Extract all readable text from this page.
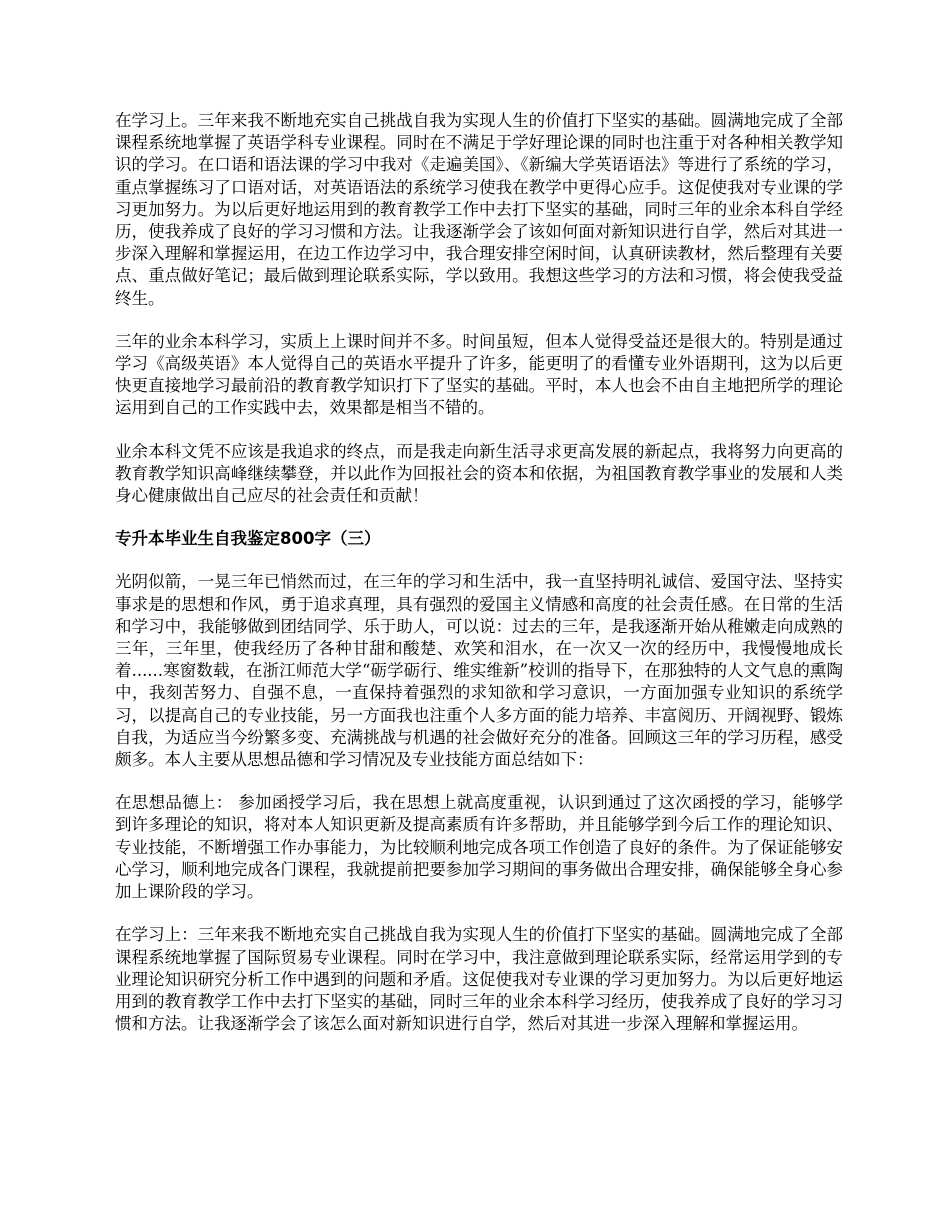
在学习上。三年来我不断地充实自己挑战自我为实现人生的价值打下坚实的基础。圆满地完成了全部课程系统地掌握了英语学科专业课程。同时在不满足于学好理论课的同时也注重于对各种相关教学知识的学习。在口语和语法课的学习中我对《走遍美国》、《新编大学英语语法》等进行了系统的学习，重点掌握练习了口语对话，对英语语法的系统学习使我在教学中更得心应手。这促使我对专业课的学习更加努力。为以后更好地运用到的教育教学工作中去打下坚实的基础，同时三年的业余本科自学经历，使我养成了良好的学习习惯和方法。让我逐渐学会了该如何面对新知识进行自学，然后对其进一步深入理解和掌握运用，在边工作边学习中，我合理安排空闲时间，认真研读教材，然后整理有关要点、重点做好笔记；最后做到理论联系实际，学以致用。我想这些学习的方法和习惯，将会使我受益终生。

三年的业余本科学习，实质上上课时间并不多。时间虽短，但本人觉得受益还是很大的。特别是通过学习《高级英语》本人觉得自己的英语水平提升了许多，能更明了的看懂专业外语期刊，这为以后更快更直接地学习最前沿的教育教学知识打下了坚实的基础。平时，本人也会不由自主地把所学的理论运用到自己的工作实践中去，效果都是相当不错的。

业余本科文凭不应该是我追求的终点，而是我走向新生活寻求更高发展的新起点，我将努力向更高的教育教学知识高峰继续攀登，并以此作为回报社会的资本和依据，为祖国教育教学事业的发展和人类身心健康做出自己应尽的社会责任和贡献！

专升本毕业生自我鉴定800字（三）

光阴似箭，一晃三年已悄然而过，在三年的学习和生活中，我一直坚持明礼诚信、爱国守法、坚持实事求是的思想和作风，勇于追求真理，具有强烈的爱国主义情感和高度的社会责任感。在日常的生活和学习中，我能够做到团结同学、乐于助人，可以说：过去的三年，是我逐渐开始从稚嫩走向成熟的三年，三年里，使我经历了各种甘甜和酸楚、欢笑和泪水，在一次又一次的经历中，我慢慢地成长着......寒窗数载，在浙江师范大学“砺学砺行、维实维新”校训的指导下，在那独特的人文气息的熏陶中，我刻苦努力、自强不息，一直保持着强烈的求知欲和学习意识，一方面加强专业知识的系统学习，以提高自己的专业技能，另一方面我也注重个人多方面的能力培养、丰富阅历、开阔视野、锻炼自我，为适应当今纷繁多变、充满挑战与机遇的社会做好充分的准备。回顾这三年的学习历程，感受颇多。本人主要从思想品德和学习情况及专业技能方面总结如下：

在思想品德上： 参加函授学习后，我在思想上就高度重视，认识到通过了这次函授的学习，能够学到许多理论的知识，将对本人知识更新及提高素质有许多帮助，并且能够学到今后工作的理论知识、专业技能，不断增强工作办事能力，为比较顺利地完成各项工作创造了良好的条件。为了保证能够安心学习，顺利地完成各门课程，我就提前把要参加学习期间的事务做出合理安排，确保能够全身心参加上课阶段的学习。

在学习上：三年来我不断地充实自己挑战自我为实现人生的价值打下坚实的基础。圆满地完成了全部课程系统地掌握了国际贸易专业课程。同时在学习中，我注意做到理论联系实际，经常运用学到的专业理论知识研究分析工作中遇到的问题和矛盾。这促使我对专业课的学习更加努力。为以后更好地运用到的教育教学工作中去打下坚实的基础，同时三年的业余本科学习经历，使我养成了良好的学习习惯和方法。让我逐渐学会了该怎么面对新知识进行自学，然后对其进一步深入理解和掌握运用。
